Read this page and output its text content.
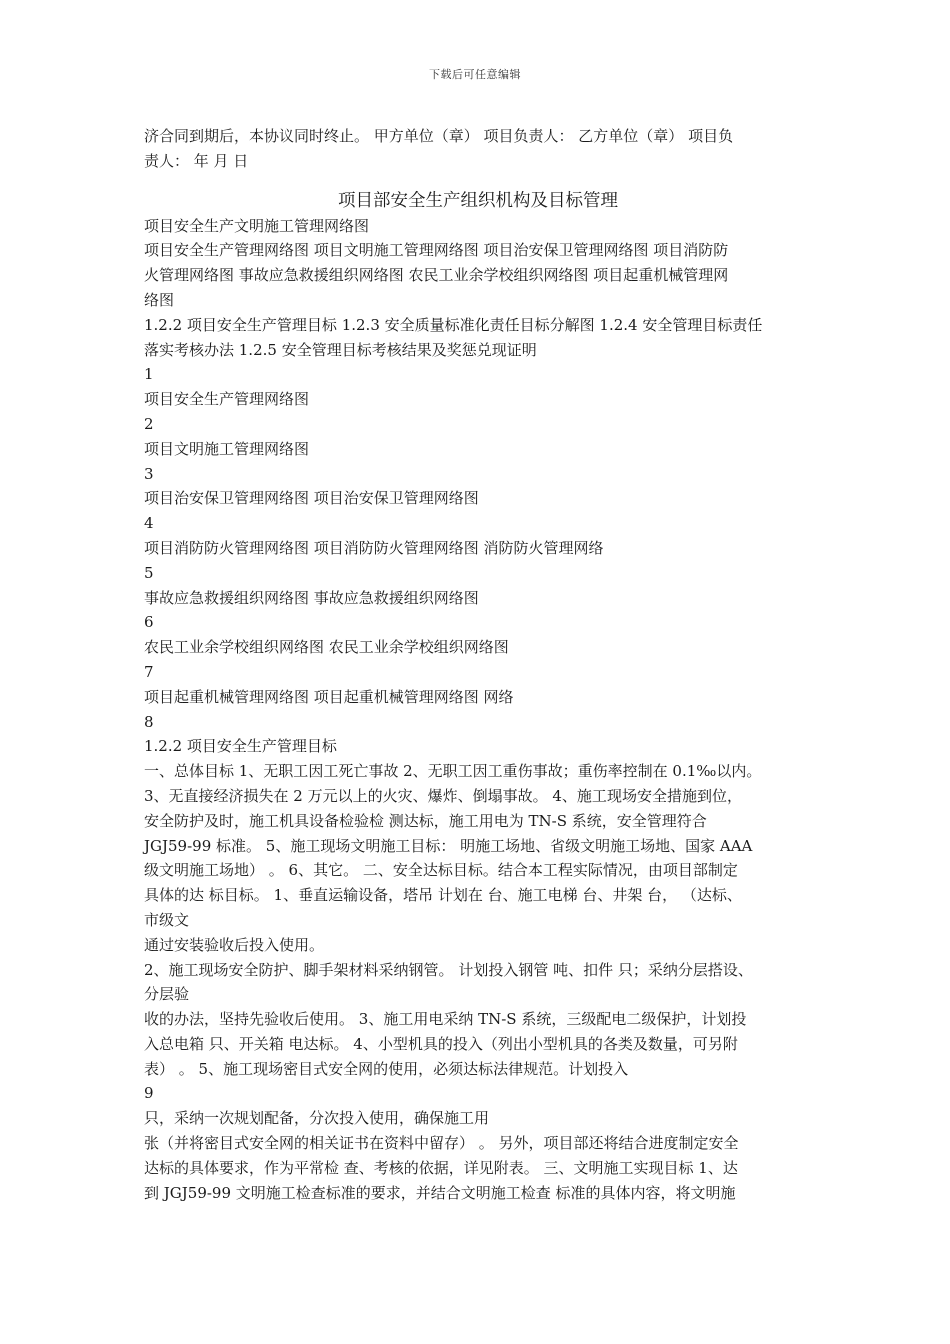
下载后可任意编辑

济合同到期后，本协议同时终止。 甲方单位（章） 项目负责人： 乙方单位（章） 项目负

责人： 年 月 日

项目部安全生产组织机构及目标管理

项目安全生产文明施工管理网络图

项目安全生产管理网络图 项目文明施工管理网络图 项目治安保卫管理网络图 项目消防防

火管理网络图 事故应急救援组织网络图 农民工业余学校组织网络图 项目起重机械管理网

络图

1.2.2 项目安全生产管理目标 1.2.3 安全质量标准化责任目标分解图 1.2.4 安全管理目标责任

落实考核办法 1.2.5 安全管理目标考核结果及奖惩兑现证明

1

项目安全生产管理网络图

2

项目文明施工管理网络图

3

项目治安保卫管理网络图 项目治安保卫管理网络图

4

项目消防防火管理网络图 项目消防防火管理网络图 消防防火管理网络

5

事故应急救援组织网络图 事故应急救援组织网络图

6

农民工业余学校组织网络图 农民工业余学校组织网络图

7

项目起重机械管理网络图 项目起重机械管理网络图 网络

8

1.2.2 项目安全生产管理目标

一、总体目标 1、无职工因工死亡事故 2、无职工因工重伤事故；重伤率控制在 0.1‰以内。

3、无直接经济损失在 2 万元以上的火灾、爆炸、倒塌事故。 4、施工现场安全措施到位，

安全防护及时，施工机具设备检验检 测达标，施工用电为 TN-S 系统，安全管理符合

JGJ59-99 标准。 5、施工现场文明施工目标： 明施工场地、省级文明施工场地、国家 AAA

级文明施工场地） 。 6、其它。 二、安全达标目标。结合本工程实际情况，由项目部制定

具体的达 标目标。 1、垂直运输设备，塔吊 计划在 台、施工电梯 台、井架 台， （达标、

市级文

通过安装验收后投入使用。

2、施工现场安全防护、脚手架材料采纳钢管。 计划投入钢管 吨、扣件 只；采纳分层搭设、

分层验

收的办法，坚持先验收后使用。 3、施工用电采纳 TN-S 系统，三级配电二级保护，计划投

入总电箱 只、开关箱 电达标。 4、小型机具的投入（列出小型机具的各类及数量，可另附

表） 。 5、施工现场密目式安全网的使用，必须达标法律规范。计划投入

9

只，采纳一次规划配备，分次投入使用，确保施工用

张（并将密目式安全网的相关证书在资料中留存） 。 另外，项目部还将结合进度制定安全

达标的具体要求，作为平常检 查、考核的依据，详见附表。 三、文明施工实现目标 1、达

到 JGJ59-99 文明施工检查标准的要求，并结合文明施工检查 标准的具体内容，将文明施
